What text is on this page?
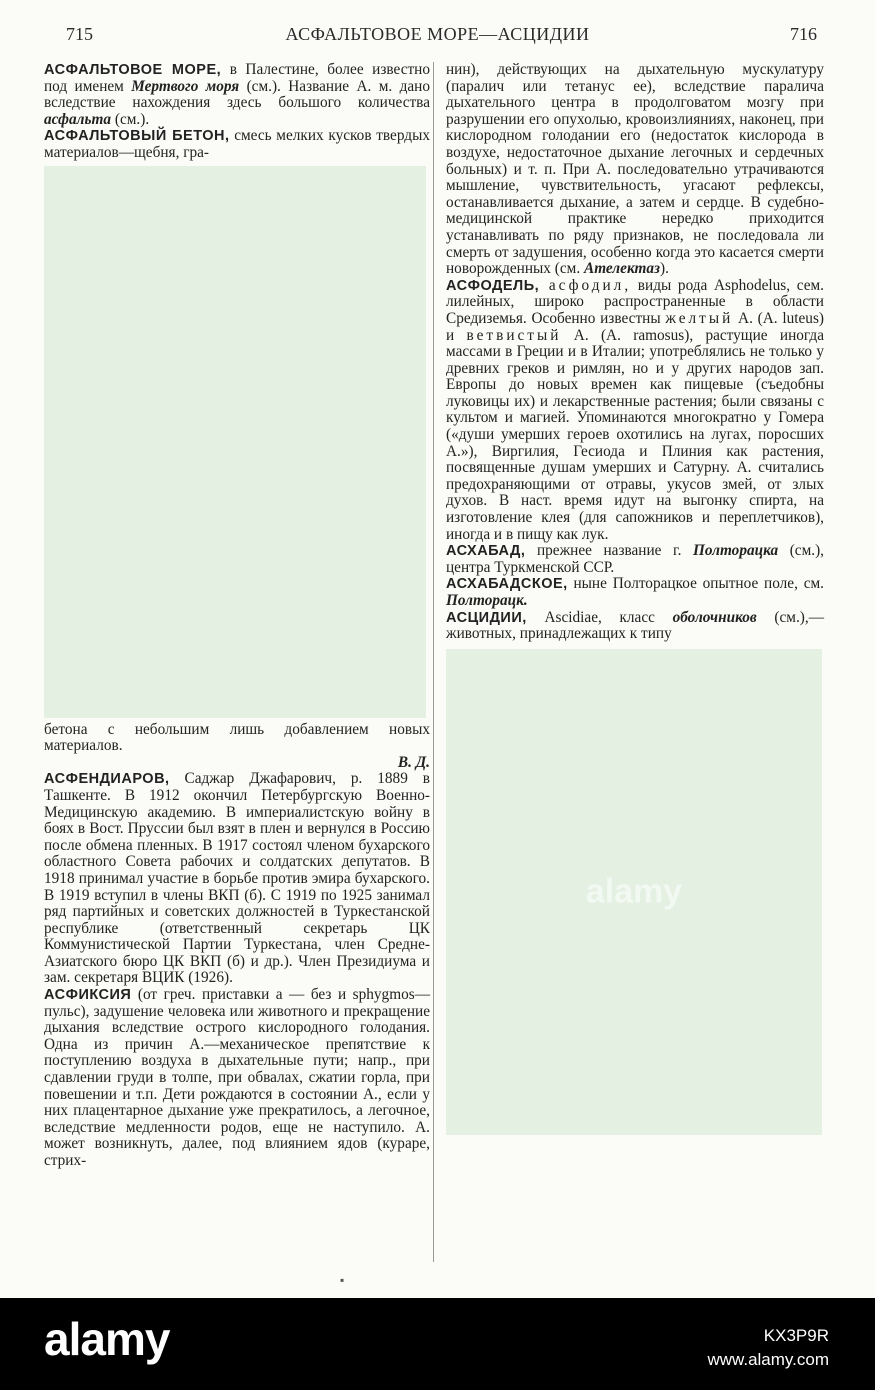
715	АСФАЛЬТОВОЕ МОРЕ—АСЦИДИИ	716

АСФАЛЬТОВОЕ МОРЕ, в Палестине, более известно под именем Мертвого моря (см.). Название А. м. дано вследствие нахождения здесь большого количества асфальта (см.).

АСФАЛЬТОВЫЙ БЕТОН, смесь мелких кусков твердых материалов—щебня, гра-

бетона с небольшим лишь добавлением новых материалов.

В. Д.

АСФЕНДИАРОВ, Саджар Джафарович, р. 1889 в Ташкенте. В 1912 окончил Петербургскую Военно-Медицинскую академию. В империалистскую войну в боях в Вост. Пруссии был взят в плен и вернулся в Россию после обмена пленных. В 1917 состоял членом бухарского областного Совета рабочих и солдатских депутатов. В 1918 принимал участие в борьбе против эмира бухарского. В 1919 вступил в члены ВКП (б). С 1919 по 1925 занимал ряд партийных и советских должностей в Туркестанской республике (ответственный секретарь ЦК Коммунистической Партии Туркестана, член Средне-Азиатского бюро ЦК ВКП (б) и др.). Член Президиума и зам. секретаря ВЦИК (1926).

АСФИКСИЯ (от греч. приставки а — без и sphygmos—пульс), задушение человека или животного и прекращение дыхания вследствие острого кислородного голодания. Одна из причин А.—механическое препятствие к поступлению воздуха в дыхательные пути; напр., при сдавлении груди в толпе, при обвалах, сжатии горла, при повешении и т.п. Дети рождаются в состоянии А., если у них плацентарное дыхание уже прекратилось, а легочное, вследствие медленности родов, еще не наступило. А. может возникнуть, далее, под влиянием ядов (кураре, стрих-

нин), действующих на дыхательную мускулатуру (паралич или тетанус ее), вследствие паралича дыхательного центра в продолговатом мозгу при разрушении его опухолью, кровоизлияниях, наконец, при кислородном голодании его (недостаток кислорода в воздухе, недостаточное дыхание легочных и сердечных больных) и т. п. При А. последовательно утрачиваются мышление, чувствительность, угасают рефлексы, останавливается дыхание, а затем и сердце. В судебно-медицинской практике нередко приходится устанавливать по ряду признаков, не последовала ли смерть от задушения, особенно когда это касается смерти новорожденных (см. Ателектаз).

АСФОДЕЛЬ, асфодил, виды рода Asphodelus, сем. лилейных, широко распространенные в области Средиземья. Особенно известны желтый А. (A. luteus) и ветвистый А. (A. ramosus), растущие иногда массами в Греции и в Италии; употреблялись не только у древних греков и римлян, но и у других народов зап. Европы до новых времен как пищевые (съедобны луковицы их) и лекарственные растения; были связаны с культом и магией. Упоминаются многократно у Гомера («души умерших героев охотились на лугах, поросших А.»), Виргилия, Гесиода и Плиния как растения, посвященные душам умерших и Сатурну. А. считались предохраняющими от отравы, укусов змей, от злых духов. В наст. время идут на выгонку спирта, на изготовление клея (для сапожников и переплетчиков), иногда и в пищу как лук.

АСХАБАД, прежнее название г. Полторацка (см.), центра Туркменской ССР.

АСХАБАДСКОЕ, ныне Полторацкое опытное поле, см. Полторацк.

АСЦИДИИ, Ascidiae, класс оболочников (см.),—животных, принадлежащих к типу

alamy
▪
alamy	KX3P9R
www.alamy.com
